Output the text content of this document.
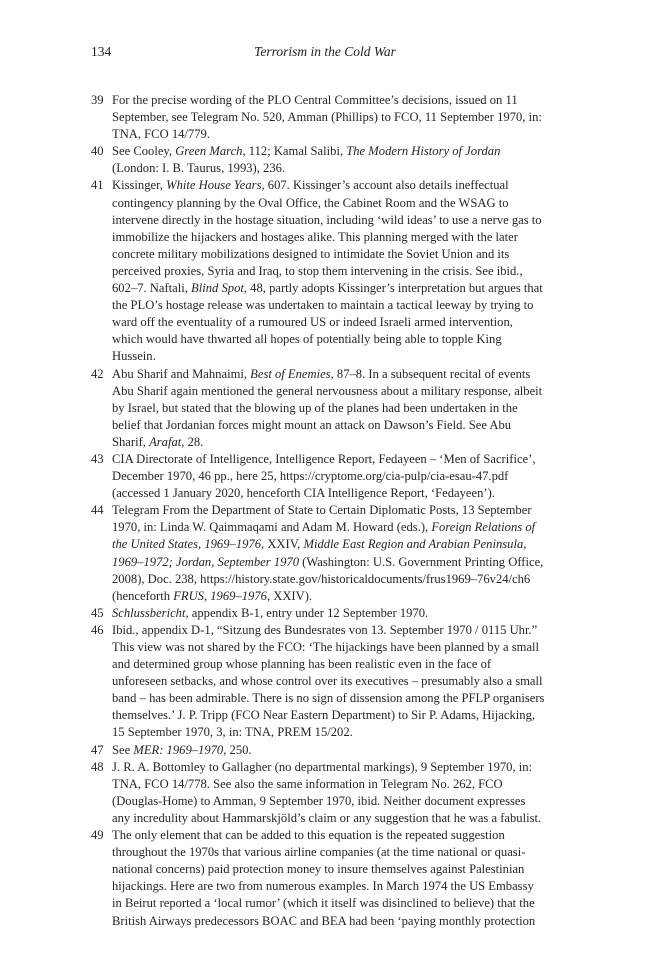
134	Terrorism in the Cold War
39 For the precise wording of the PLO Central Committee’s decisions, issued on 11 September, see Telegram No. 520, Amman (Phillips) to FCO, 11 September 1970, in: TNA, FCO 14/779.
40 See Cooley, Green March, 112; Kamal Salibi, The Modern History of Jordan (London: I. B. Taurus, 1993), 236.
41 Kissinger, White House Years, 607. Kissinger’s account also details ineffectual contingency planning by the Oval Office, the Cabinet Room and the WSAG to intervene directly in the hostage situation, including ‘wild ideas’ to use a nerve gas to immobilize the hijackers and hostages alike. This planning merged with the later concrete military mobilizations designed to intimidate the Soviet Union and its perceived proxies, Syria and Iraq, to stop them intervening in the crisis. See ibid., 602–7. Naftali, Blind Spot, 48, partly adopts Kissinger’s interpretation but argues that the PLO’s hostage release was undertaken to maintain a tactical leeway by trying to ward off the eventuality of a rumoured US or indeed Israeli armed intervention, which would have thwarted all hopes of potentially being able to topple King Hussein.
42 Abu Sharif and Mahnaimi, Best of Enemies, 87–8. In a subsequent recital of events Abu Sharif again mentioned the general nervousness about a military response, albeit by Israel, but stated that the blowing up of the planes had been undertaken in the belief that Jordanian forces might mount an attack on Dawson’s Field. See Abu Sharif, Arafat, 28.
43 CIA Directorate of Intelligence, Intelligence Report, Fedayeen – ‘Men of Sacrifice’, December 1970, 46 pp., here 25, https://cryptome.org/cia-pulp/cia-esau-47.pdf (accessed 1 January 2020, henceforth CIA Intelligence Report, ‘Fedayeen’).
44 Telegram From the Department of State to Certain Diplomatic Posts, 13 September 1970, in: Linda W. Qaimmaqami and Adam M. Howard (eds.), Foreign Relations of the United States, 1969–1976, XXIV, Middle East Region and Arabian Peninsula, 1969–1972; Jordan, September 1970 (Washington: U.S. Government Printing Office, 2008), Doc. 238, https://history.state.gov/historicaldocuments/frus1969–76v24/ch6 (henceforth FRUS, 1969–1976, XXIV).
45 Schlussbericht, appendix B-1, entry under 12 September 1970.
46 Ibid., appendix D-1, “Sitzung des Bundesrates von 13. September 1970 / 0115 Uhr.” This view was not shared by the FCO: ‘The hijackings have been planned by a small and determined group whose planning has been realistic even in the face of unforeseen setbacks, and whose control over its executives – presumably also a small band – has been admirable. There is no sign of dissension among the PFLP organisers themselves.’ J. P. Tripp (FCO Near Eastern Department) to Sir P. Adams, Hijacking, 15 September 1970, 3, in: TNA, PREM 15/202.
47 See MER: 1969–1970, 250.
48 J. R. A. Bottomley to Gallagher (no departmental markings), 9 September 1970, in: TNA, FCO 14/778. See also the same information in Telegram No. 262, FCO (Douglas-Home) to Amman, 9 September 1970, ibid. Neither document expresses any incredulity about Hammarskjöld’s claim or any suggestion that he was a fabulist.
49 The only element that can be added to this equation is the repeated suggestion throughout the 1970s that various airline companies (at the time national or quasi-national concerns) paid protection money to insure themselves against Palestinian hijackings. Here are two from numerous examples. In March 1974 the US Embassy in Beirut reported a ‘local rumor’ (which it itself was disinclined to believe) that the British Airways predecessors BOAC and BEA had been ‘paying monthly protection
